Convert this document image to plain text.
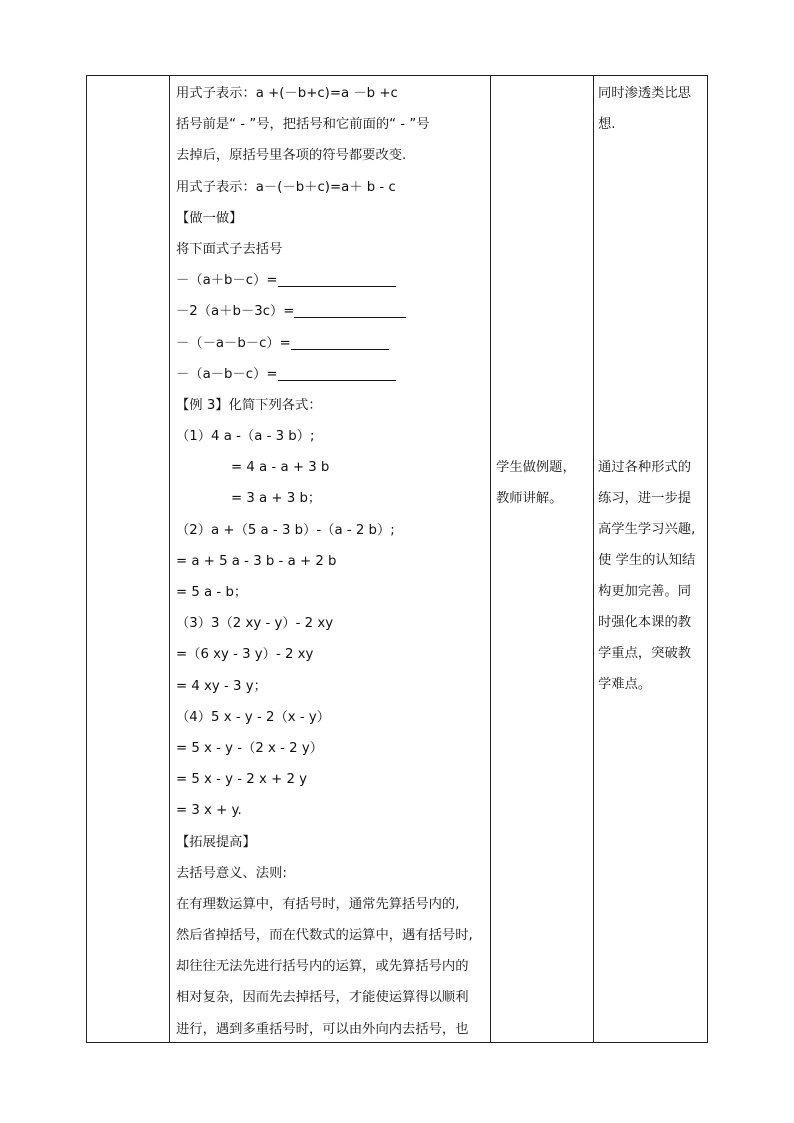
用式子表示：a +(－b+c)=a －b +c
括号前是“ - ”号，把括号和它前面的“ - ”号
去掉后，原括号里各项的符号都要改变.
用式子表示：a－(－b＋c)=a＋ b - c
【做一做】
将下面式子去括号
－（a＋b－c）=
－2（a＋b－3c）=
－（－a－b－c）=
－（a－b－c）=
【例 3】化简下列各式：
（1）4 a -（a - 3 b）;
= 4 a - a + 3 b
= 3 a + 3 b；
（2）a +（5 a - 3 b）-（a - 2 b）;
= a + 5 a - 3 b - a + 2 b
= 5 a - b；
（3）3（2 xy - y）- 2 xy
=（6 xy - 3 y）- 2 xy
= 4 xy - 3 y；
（4）5 x - y - 2（x - y）
= 5 x - y -（2 x - 2 y）
= 5 x - y - 2 x + 2 y
= 3 x + y.
【拓展提高】
去括号意义、法则:
在有理数运算中，有括号时，通常先算括号内的,
然后省掉括号，而在代数式的运算中，遇有括号时,
却往往无法先进行括号内的运算，或先算括号内的
相对复杂，因而先去掉括号，才能使运算得以顺利
进行，遇到多重括号时，可以由外向内去括号，也
学生做例题，
教师讲解。
同时渗透类比思
想.
通过各种形式的
练习，进一步提
高学生学习兴趣,
使 学生的认知结
构更加完善。同
时强化本课的教
学重点，突破教
学难点。
